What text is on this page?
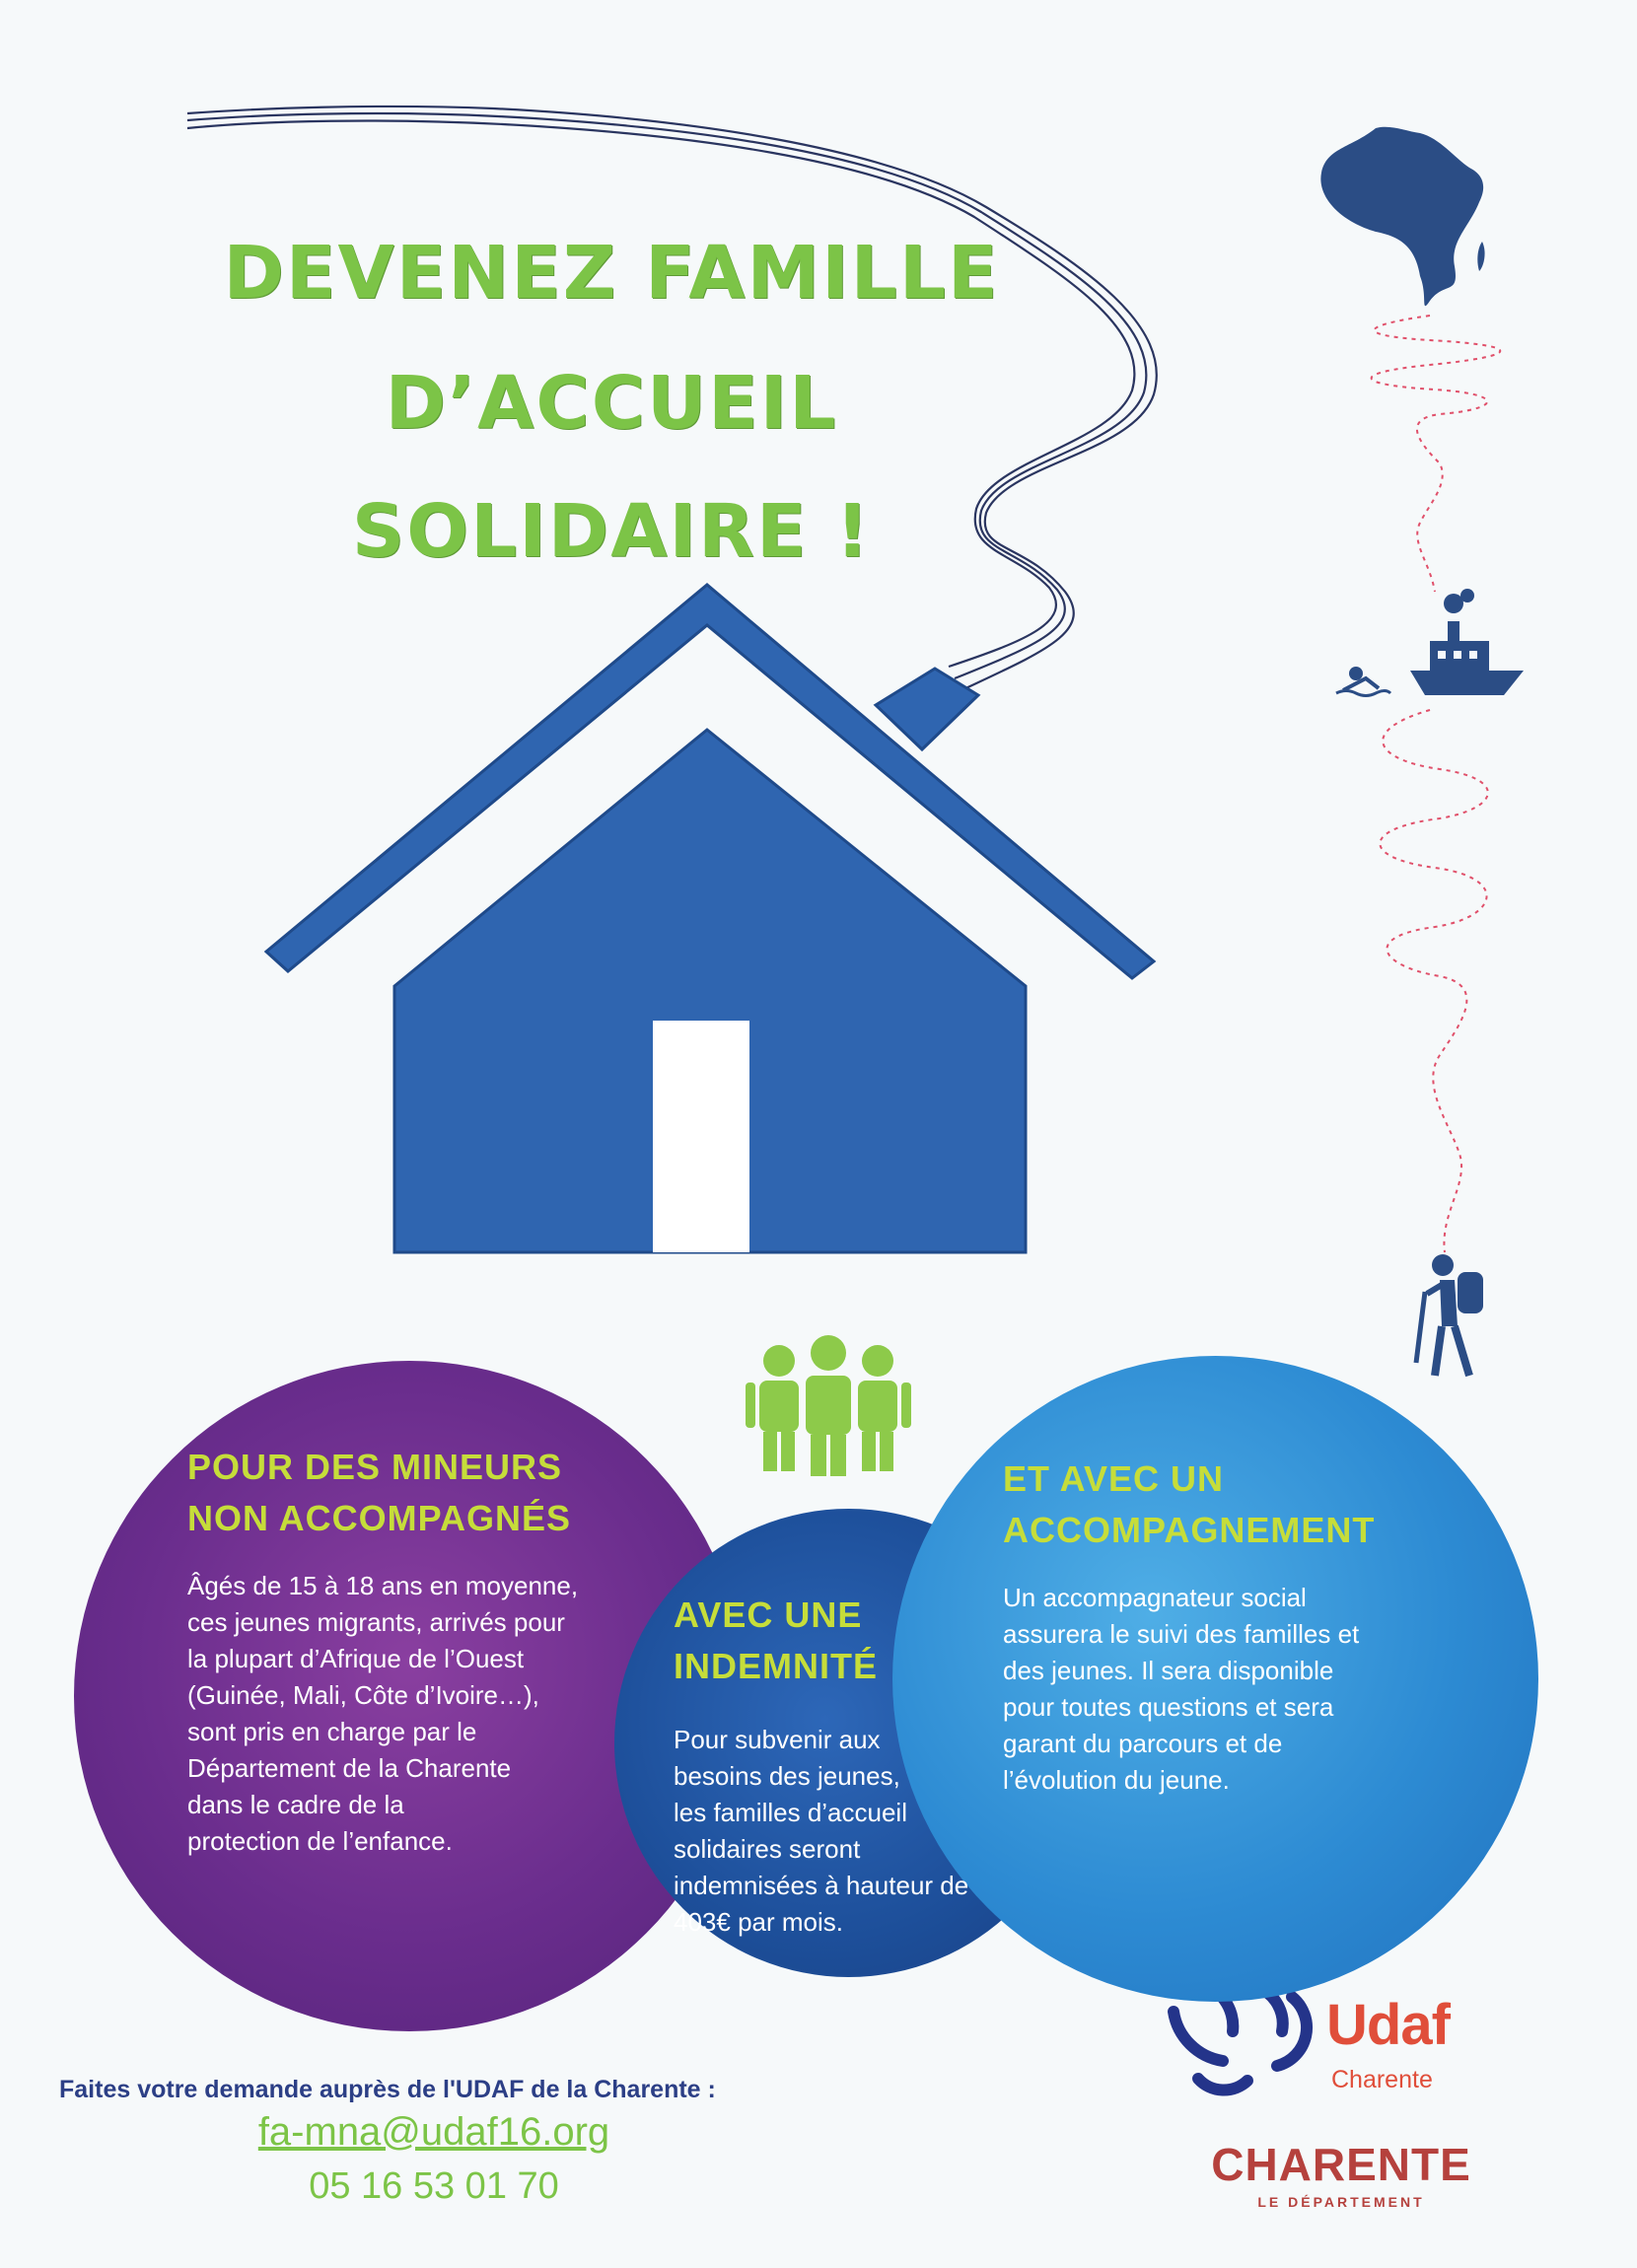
DEVENEZ FAMILLE
D’ACCUEIL
SOLIDAIRE !
POUR DES MINEURS
NON ACCOMPAGNÉS
Âgés de 15 à 18 ans en moyenne,
ces jeunes migrants, arrivés pour
la plupart d’Afrique de l’Ouest
(Guinée, Mali, Côte d’Ivoire…),
sont pris en charge par le
Département de la Charente
dans le cadre de la
protection de l’enfance.
AVEC UNE
INDEMNITÉ
Pour subvenir aux
besoins des jeunes,
les familles d’accueil
solidaires seront
indemnisées à hauteur de
403€ par mois.
ET AVEC UN
ACCOMPAGNEMENT
Un accompagnateur social
assurera le suivi des familles et
des jeunes. Il sera disponible
pour toutes questions et sera
garant du parcours et de
l’évolution du jeune.
Faites votre demande auprès de l'UDAF de la Charente :
fa-mna@udaf16.org
05 16 53 01 70
Udaf
Charente
CHARENTE
LE DÉPARTEMENT
